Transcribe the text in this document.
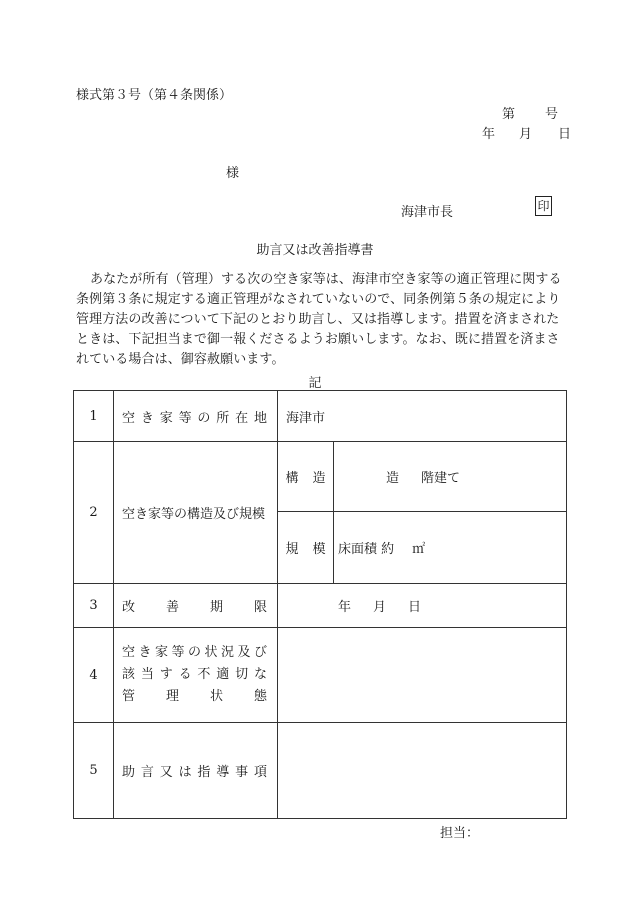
様式第３号（第４条関係）
第 号
年 月 日
様
海津市長	印
助言又は改善指導書
あなたが所有（管理）する次の空き家等は、海津市空き家等の適正管理に関する条例第３条に規定する適正管理がなされていないので、同条例第５条の規定により管理方法の改善について下記のとおり助言し、又は指導します。措置を済まされたときは、下記担当まで御一報くださるようお願いします。なお、既に措置を済まされている場合は、御容赦願います。
記
1	空き家等の所在地	海津市	
2	空き家等の構造及び規模	構造	造 階建て
		規模	床面積 約 ㎡
3	改善期限	年 月 日	
4	空き家等の状況及び
該当する不適切な
管理状態		

5	助言又は指導事項		
担当：
